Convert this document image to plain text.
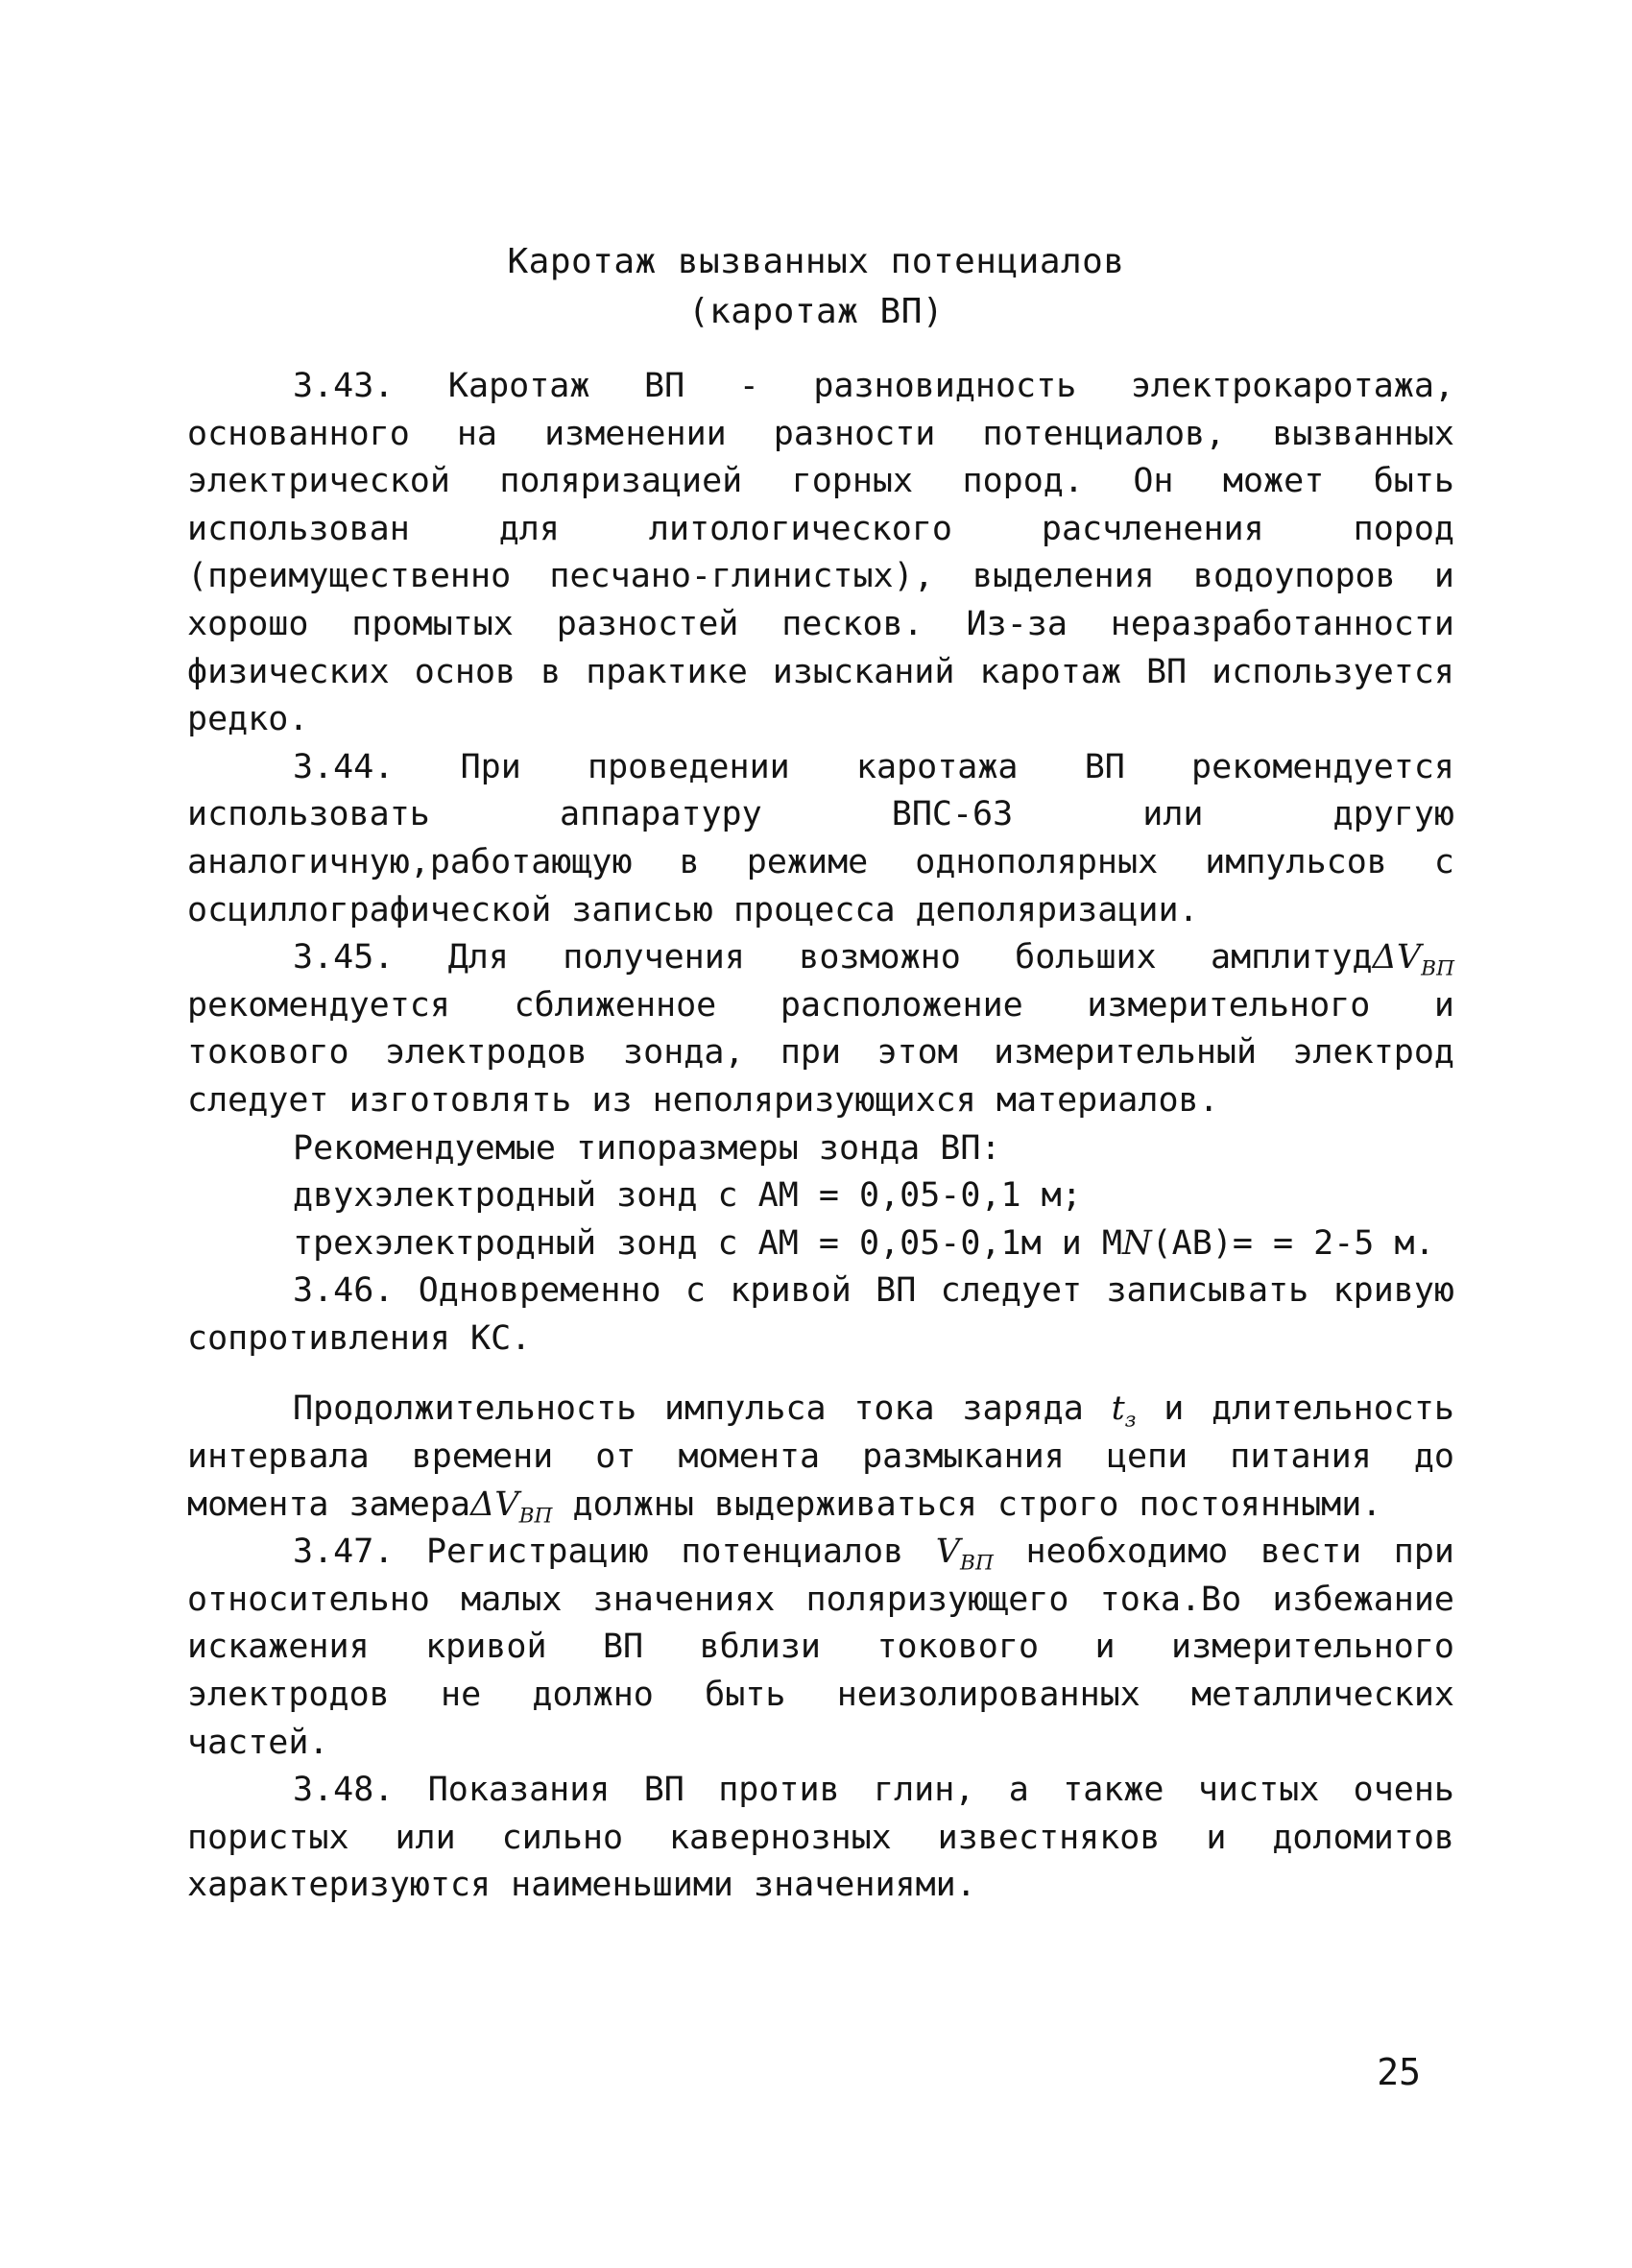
Каротаж вызванных потенциалов
(каротаж ВП)

3.43. Каротаж ВП - разновидность электрокаротажа, основанного на изменении разности потенциалов, вызванных электрической поляризацией горных пород. Он может быть использован для литологического расчленения пород (преимущественно песчано-глинистых), выделения водоупоров и хорошо промытых разностей песков. Из-за неразработанности физических основ в практике изысканий каротаж ВП используется редко.

3.44. При проведении каротажа ВП рекомендуется использовать аппаратуру ВПС-63 или другую аналогичную,работающую в режиме однополярных импульсов с осциллографической записью процесса деполяризации.

3.45. Для получения возможно больших амплитудΔV$_{ВП}$ рекомендуется сближенное расположение измерительного и токового электродов зонда, при этом измерительный электрод следует изготовлять из неполяризующихся материалов.

Рекомендуемые типоразмеры зонда ВП:

двухэлектродный зонд с АМ = 0,05-0,1 м;

трехэлектродный зонд с АМ = 0,05-0,1м и МN(АВ)= = 2-5 м.

3.46. Одновременно с кривой ВП следует записывать кривую сопротивления КС.

Продолжительность импульса тока заряда $t_з$ и длительность интервала времени от момента размыкания цепи питания до момента замераΔV$_{ВП}$ должны выдерживаться строго постоянными.

3.47. Регистрацию потенциалов $V_{ВП}$ необходимо вести при относительно малых значениях поляризующего тока.Во избежание искажения кривой ВП вблизи токового и измерительного электродов не должно быть неизолированных металлических частей.

3.48. Показания ВП против глин, а также чистых очень пористых или сильно кавернозных известняков и доломитов характеризуются наименьшими значениями.

25
